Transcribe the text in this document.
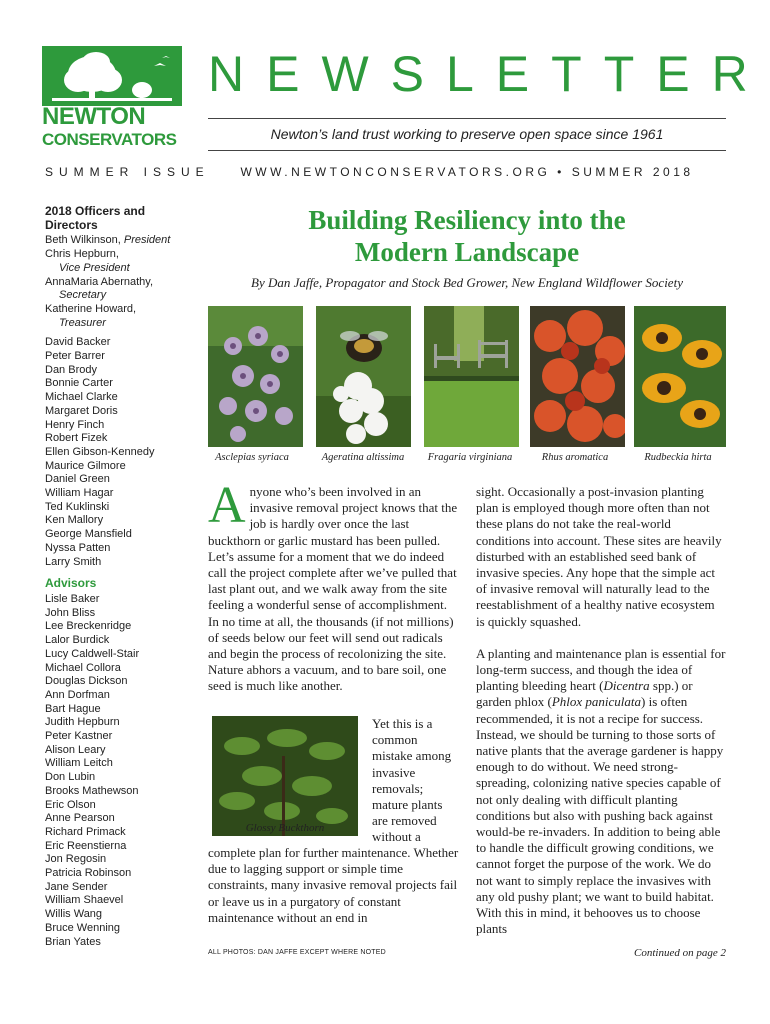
NEWTON
CONSERVATORS
NEWSLETTER
Newton’s land trust working to preserve open space since 1961
SUMMER ISSUE	WWW.NEWTONCONSERVATORS.ORG • SUMMER 2018
2018 Officers and Directors
Beth Wilkinson, President
Chris Hepburn,
Vice President
AnnaMaria Abernathy,
Secretary
Katherine Howard,
Treasurer
David Backer
Peter Barrer
Dan Brody
Bonnie Carter
Michael Clarke
Margaret Doris
Henry Finch
Robert Fizek
Ellen Gibson-Kennedy
Maurice Gilmore
Daniel Green
William Hagar
Ted Kuklinski
Ken Mallory
George Mansfield
Nyssa Patten
Larry Smith
Advisors
Lisle Baker
John Bliss
Lee Breckenridge
Lalor Burdick
Lucy Caldwell-Stair
Michael Collora
Douglas Dickson
Ann Dorfman
Bart Hague
Judith Hepburn
Peter Kastner
Alison Leary
William Leitch
Don Lubin
Brooks Mathewson
Eric Olson
Anne Pearson
Richard Primack
Eric Reenstierna
Jon Regosin
Patricia Robinson
Jane Sender
William Shaevel
Willis Wang
Bruce Wenning
Brian Yates
Building Resiliency into the
Modern Landscape
By Dan Jaffe, Propagator and Stock Bed Grower, New England Wildflower Society
Asclepias syriaca	Ageratina altissima	Fragaria virginiana	Rhus aromatica	Rudbeckia hirta

Anyone who’s been involved in an invasive removal project knows that the job is hardly over once the last buckthorn or garlic mustard has been pulled. Let’s assume for a moment that we do indeed call the project complete after we’ve pulled that last plant out, and we walk away from the site feeling a wonderful sense of accomplishment. In no time at all, the thousands (if not millions) of seeds below our feet will send out radicals and begin the process of recolonizing the site. Nature abhors a vacuum, and to bare soil, one seed is much like another.

Glossy Buckthorn
Yet this is a common mistake among invasive removals; mature plants are removed without a
complete plan for further maintenance. Whether due to lagging support or simple time constraints, many invasive removal projects fail or leave us in a purgatory of constant maintenance without an end in

sight. Occasionally a post-invasion planting plan is employed though more often than not these plans do not take the real-world conditions into account. These sites are heavily disturbed with an established seed bank of invasive species. Any hope that the simple act of invasive removal will naturally lead to the reestablishment of a healthy native ecosystem is quickly squashed.

A planting and maintenance plan is essential for long-term success, and though the idea of planting bleeding heart (Dicentra spp.) or garden phlox (Phlox paniculata) is often recommended, it is not a recipe for success. Instead, we should be turning to those sorts of native plants that the average gardener is happy enough to do without. We need strong-spreading, colonizing native species capable of not only dealing with difficult planting conditions but also with pushing back against would-be re-invaders. In addition to being able to handle the difficult growing conditions, we cannot forget the purpose of the work. We do not want to simply replace the invasives with any old pushy plant; we want to build habitat. With this in mind, it behooves us to choose plants

ALL PHOTOS: DAN JAFFE EXCEPT WHERE NOTED	Continued on page 2
